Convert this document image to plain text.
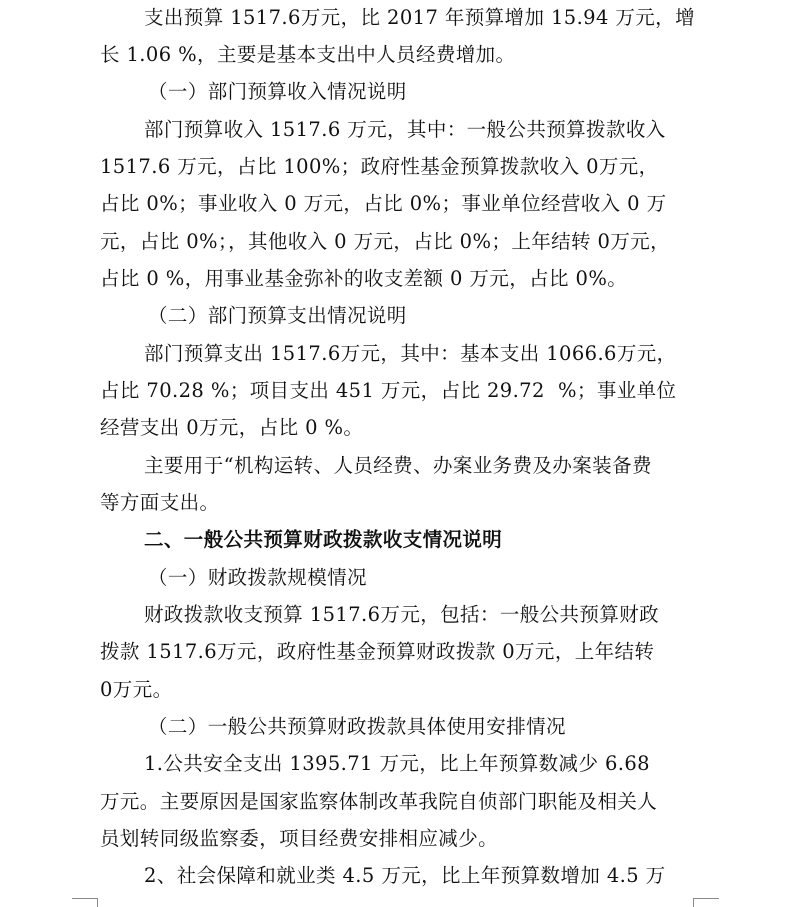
支出预算 1517.6万元，比 2017 年预算增加 15.94 万元，增
长 1.06 %，主要是基本支出中人员经费增加。
（一）部门预算收入情况说明
部门预算收入 1517.6 万元，其中：一般公共预算拨款收入
1517.6 万元，占比 100%；政府性基金预算拨款收入 0万元，
占比 0%；事业收入 0 万元，占比 0%；事业单位经营收入 0 万
元，占比 0%；，其他收入 0 万元，占比 0%；上年结转 0万元，
占比 0 %，用事业基金弥补的收支差额 0 万元，占比 0%。
（二）部门预算支出情况说明
部门预算支出 1517.6万元，其中：基本支出 1066.6万元，
占比 70.28 %；项目支出 451 万元，占比 29.72  %；事业单位
经营支出 0万元，占比 0 %。
主要用于“机构运转、人员经费、办案业务费及办案装备费
等方面支出。
二、一般公共预算财政拨款收支情况说明
（一）财政拨款规模情况
财政拨款收支预算 1517.6万元，包括：一般公共预算财政
拨款 1517.6万元，政府性基金预算财政拨款 0万元，上年结转
0万元。
（二）一般公共预算财政拨款具体使用安排情况
1.公共安全支出 1395.71 万元，比上年预算数减少 6.68
万元。主要原因是国家监察体制改革我院自侦部门职能及相关人
员划转同级监察委，项目经费安排相应减少。
2、社会保障和就业类 4.5 万元，比上年预算数增加 4.5 万
